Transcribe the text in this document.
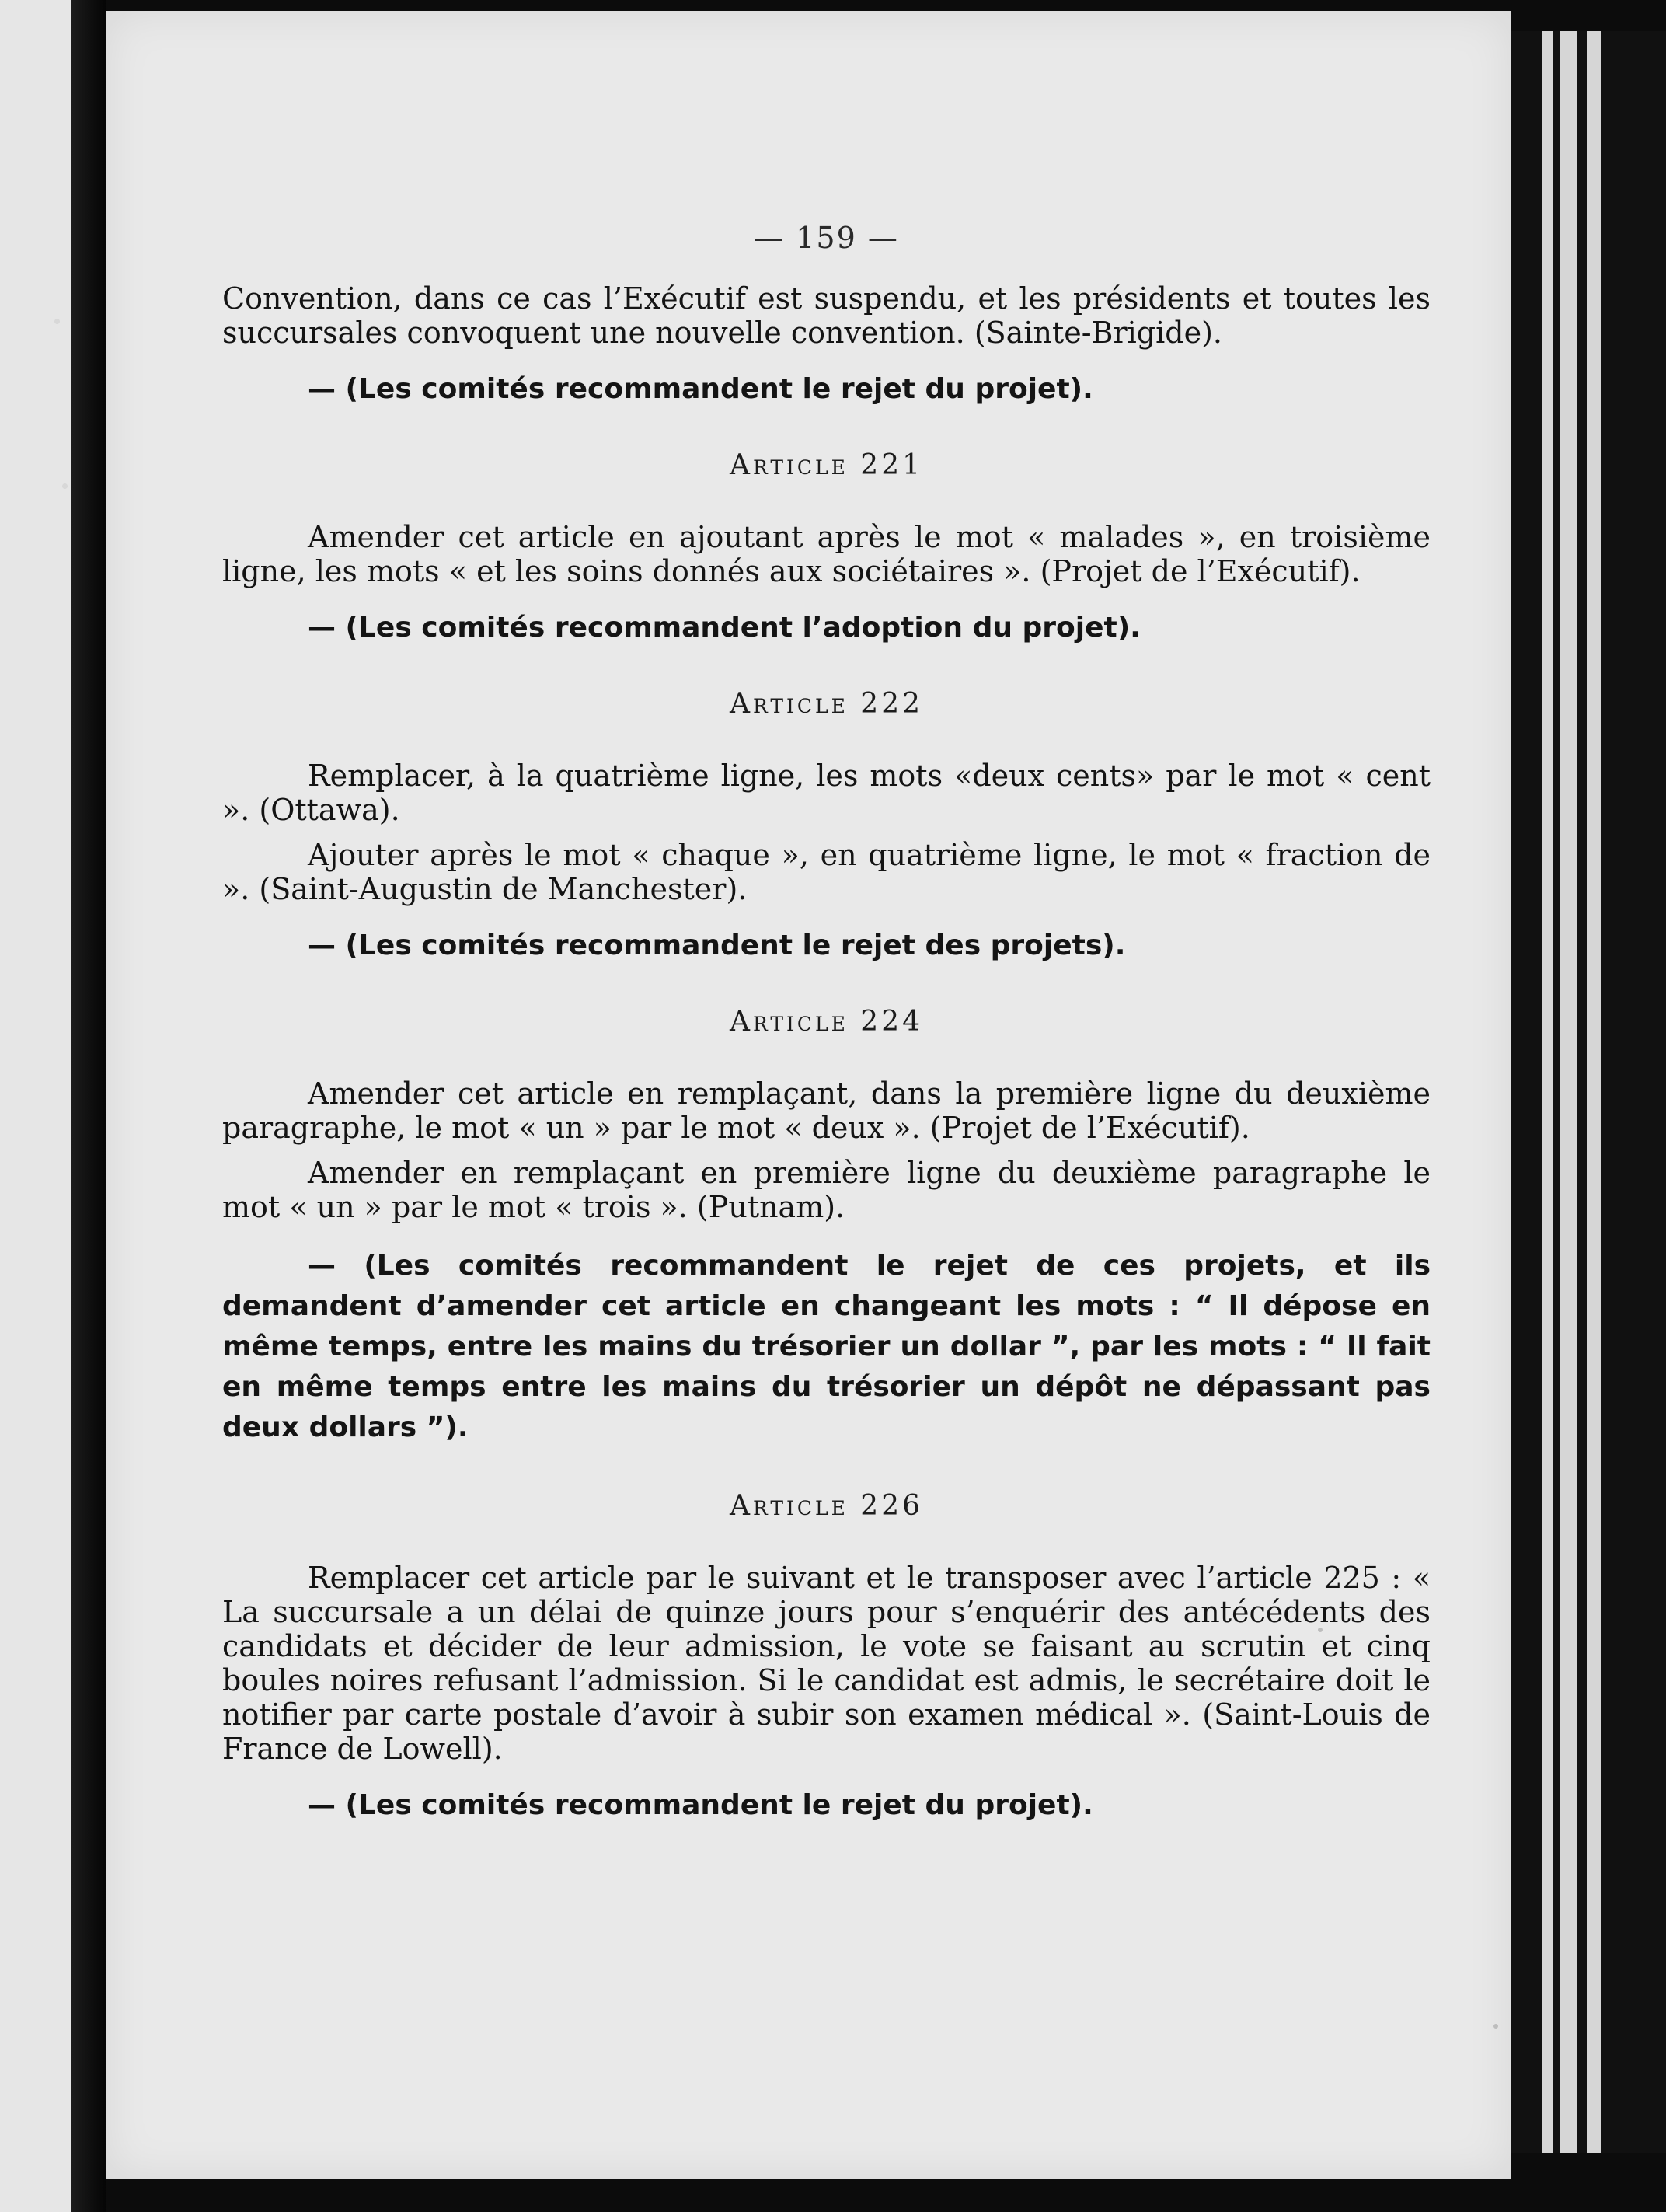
— 159 —

Convention, dans ce cas l’Exécutif est suspendu, et les présidents et toutes les succursales convoquent une nouvelle convention. (Sainte-Brigide).

— (Les comités recommandent le rejet du projet).

Article 221

Amender cet article en ajoutant après le mot « malades », en troisième ligne, les mots « et les soins donnés aux sociétaires ». (Projet de l’Exécutif).

— (Les comités recommandent l’adoption du projet).

Article 222

Remplacer, à la quatrième ligne, les mots «deux cents» par le mot « cent ». (Ottawa).

Ajouter après le mot « chaque », en quatrième ligne, le mot « fraction de ». (Saint-Augustin de Manchester).

— (Les comités recommandent le rejet des projets).

Article 224

Amender cet article en remplaçant, dans la première ligne du deuxième paragraphe, le mot « un » par le mot « deux ». (Projet de l’Exécutif).

Amender en remplaçant en première ligne du deuxième paragraphe le mot « un » par le mot « trois ». (Putnam).

— (Les comités recommandent le rejet de ces projets, et ils demandent d’amender cet article en changeant les mots : “ Il dépose en même temps, entre les mains du trésorier un dollar ”, par les mots : “ Il fait en même temps entre les mains du trésorier un dépôt ne dépassant pas deux dollars ”).

Article 226

Remplacer cet article par le suivant et le transposer avec l’article 225 : « La succursale a un délai de quinze jours pour s’enquérir des antécédents des candidats et décider de leur admission, le vote se faisant au scrutin et cinq boules noires refusant l’admission. Si le candidat est admis, le secrétaire doit le notifier par carte postale d’avoir à subir son examen médical ». (Saint-Louis de France de Lowell).

— (Les comités recommandent le rejet du projet).
